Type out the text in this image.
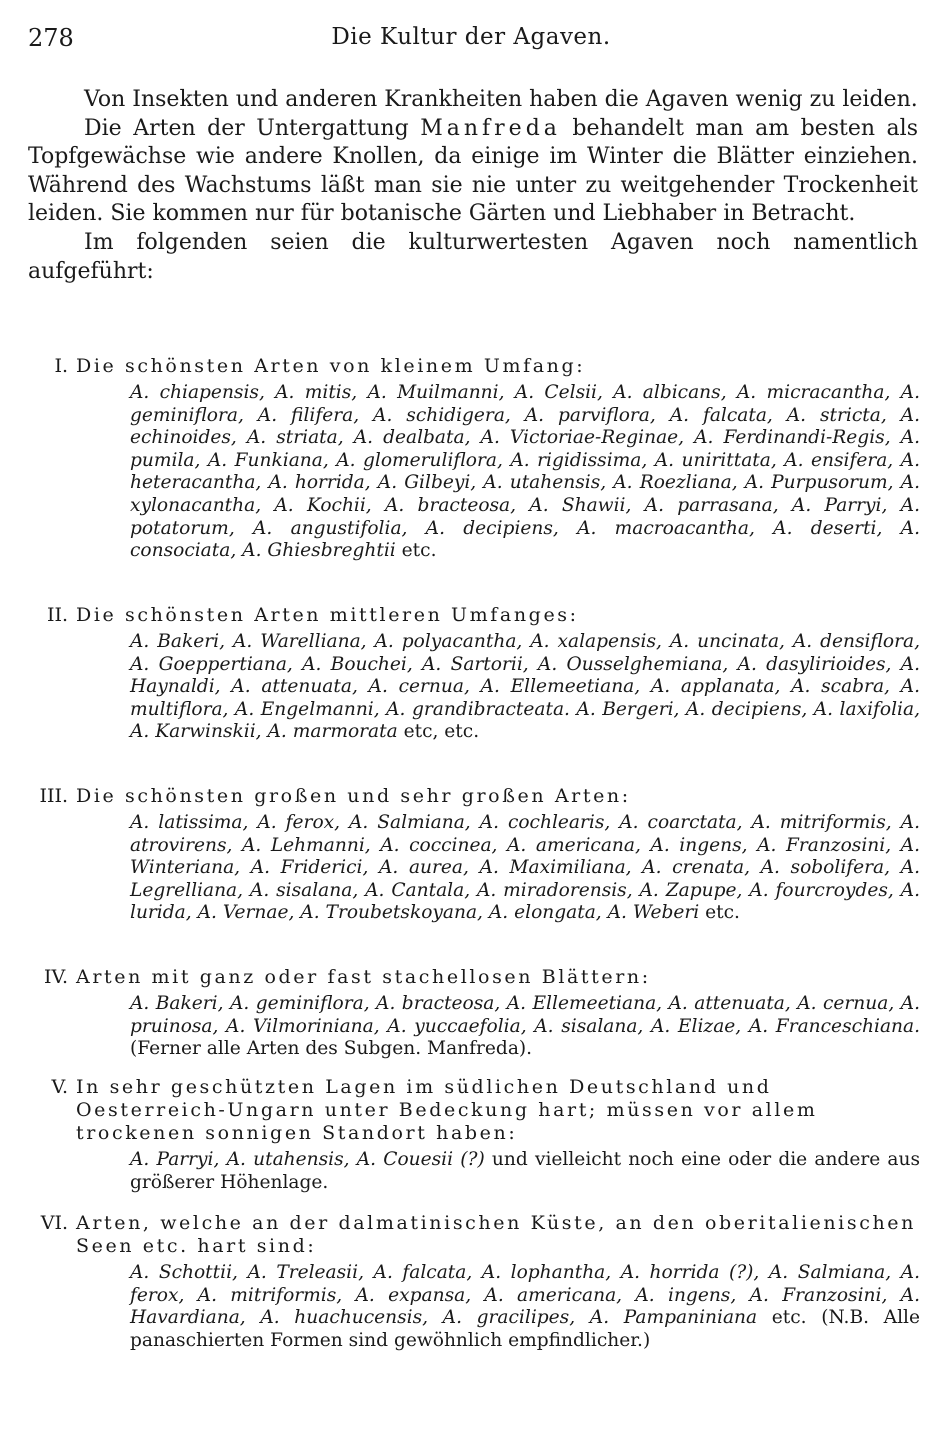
278	Die Kultur der Agaven.

Von Insekten und anderen Krankheiten haben die Agaven wenig zu leiden.

Die Arten der Untergattung Manfreda behandelt man am besten als Topfgewächse wie andere Knollen, da einige im Winter die Blätter einziehen. Während des Wachstums läßt man sie nie unter zu weitgehender Trockenheit leiden. Sie kommen nur für botanische Gärten und Liebhaber in Betracht.

Im folgenden seien die kulturwertesten Agaven noch namentlich aufgeführt:

I. Die schönsten Arten von kleinem Umfang:
A. chiapensis, A. mitis, A. Muilmanni, A. Celsii, A. albicans, A. micracantha, A. geminiflora, A. filifera, A. schidigera, A. parviflora, A. falcata, A. stricta, A. echinoides, A. striata, A. dealbata, A. Victoriae-Reginae, A. Ferdinandi-Regis, A. pumila, A. Funkiana, A. glomeruliflora, A. rigidissima, A. unirittata, A. ensifera, A. heteracantha, A. horrida, A. Gilbeyi, A. utahensis, A. Roezliana, A. Purpusorum, A. xylonacantha, A. Kochii, A. bracteosa, A. Shawii, A. parrasana, A. Parryi, A. potatorum, A. angustifolia, A. decipiens, A. macroacantha, A. deserti, A. consociata, A. Ghiesbreghtii etc.
II. Die schönsten Arten mittleren Umfanges:
A. Bakeri, A. Warelliana, A. polyacantha, A. xalapensis, A. uncinata, A. densiflora, A. Goeppertiana, A. Bouchei, A. Sartorii, A. Ousselghemiana, A. dasylirioides, A. Haynaldi, A. attenuata, A. cernua, A. Ellemeetiana, A. applanata, A. scabra, A. multiflora, A. Engelmanni, A. grandibracteata. A. Bergeri, A. decipiens, A. laxifolia, A. Karwinskii, A. marmorata etc, etc.
III. Die schönsten großen und sehr großen Arten:
A. latissima, A. ferox, A. Salmiana, A. cochlearis, A. coarctata, A. mitriformis, A. atrovirens, A. Lehmanni, A. coccinea, A. americana, A. ingens, A. Franzosini, A. Winteriana, A. Friderici, A. aurea, A. Maximiliana, A. crenata, A. sobolifera, A. Legrelliana, A. sisalana, A. Cantala, A. miradorensis, A. Zapupe, A. fourcroydes, A. lurida, A. Vernae, A. Troubetskoyana, A. elongata, A. Weberi etc.
IV. Arten mit ganz oder fast stachellosen Blättern:
A. Bakeri, A. geminiflora, A. bracteosa, A. Ellemeetiana, A. attenuata, A. cernua, A. pruinosa, A. Vilmoriniana, A. yuccaefolia, A. sisalana, A. Elizae, A. Franceschiana. (Ferner alle Arten des Subgen. Manfreda).
V. In sehr geschützten Lagen im südlichen Deutschland und Oesterreich-Ungarn unter Bedeckung hart; müssen vor allem trockenen sonnigen Standort haben:
A. Parryi, A. utahensis, A. Couesii (?) und vielleicht noch eine oder die andere aus größerer Höhenlage.
VI. Arten, welche an der dalmatinischen Küste, an den oberitalienischen Seen etc. hart sind:
A. Schottii, A. Treleasii, A. falcata, A. lophantha, A. horrida (?), A. Salmiana, A. ferox, A. mitriformis, A. expansa, A. americana, A. ingens, A. Franzosini, A. Havardiana, A. huachucensis, A. gracilipes, A. Pampaniniana etc. (N.B. Alle panaschierten Formen sind gewöhnlich empfindlicher.)
